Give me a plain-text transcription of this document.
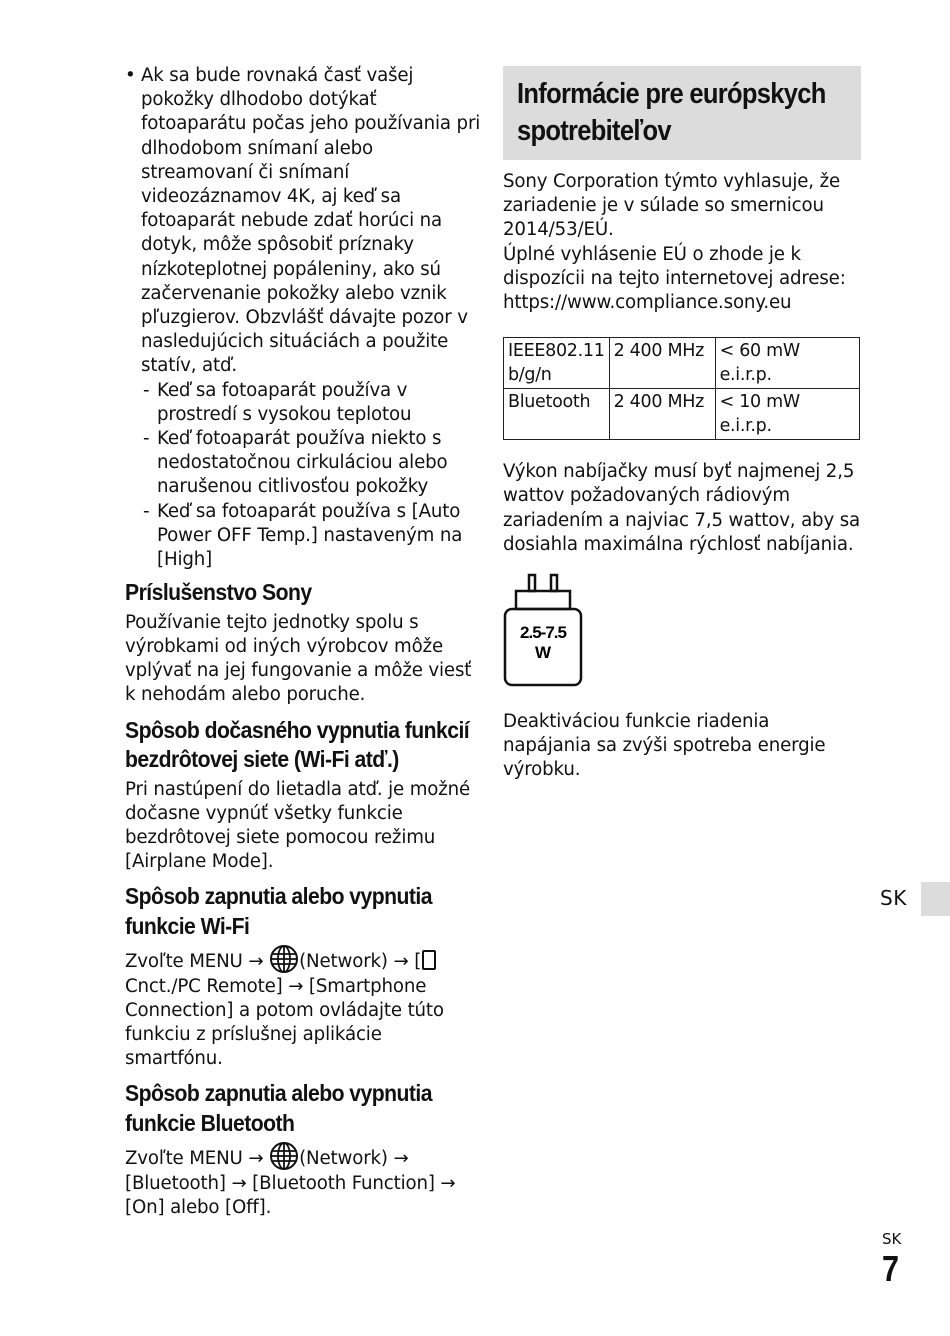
• Ak sa bude rovnaká časť vašej pokožky dlhodobo dotýkať fotoaparátu počas jeho používania pri dlhodobom snímaní alebo streamovaní či snímaní videozáznamov 4K, aj keď sa fotoaparát nebude zdať horúci na dotyk, môže spôsobiť príznaky nízkoteplotnej popáleniny, ako sú začervenanie pokožky alebo vznik pľuzgierov. Obzvlášť dávajte pozor v nasledujúcich situáciách a použite statív, atď.

- Keď sa fotoaparát používa v prostredí s vysokou teplotou
- Keď fotoaparát používa niekto s nedostatočnou cirkuláciou alebo narušenou citlivosťou pokožky
- Keď sa fotoaparát používa s [Auto Power OFF Temp.] nastaveným na [High]
Príslušenstvo Sony

Používanie tejto jednotky spolu s výrobkami od iných výrobcov môže vplývať na jej fungovanie a môže viesť k nehodám alebo poruche.

Spôsob dočasného vypnutia funkcií bezdrôtovej siete (Wi-Fi atď.)

Pri nastúpení do lietadla atď. je možné dočasne vypnúť všetky funkcie bezdrôtovej siete pomocou režimu [Airplane Mode].

Spôsob zapnutia alebo vypnutia funkcie Wi-Fi

Zvoľte MENU → (Network) → [Cnct./PC Remote] → [Smartphone Connection] a potom ovládajte túto funkciu z príslušnej aplikácie smartfónu.

Spôsob zapnutia alebo vypnutia funkcie Bluetooth

Zvoľte MENU → (Network) → [Bluetooth] → [Bluetooth Function] → [On] alebo [Off].

Informácie pre európskych spotrebiteľov

Sony Corporation týmto vyhlasuje, že zariadenie je v súlade so smernicou 2014/53/EÚ.

Úplné vyhlásenie EÚ o zhode je k dispozícii na tejto internetovej adrese: https://www.compliance.sony.eu

IEEE802.11 b/g/n	2 400 MHz	< 60 mW e.i.r.p.
Bluetooth	2 400 MHz	< 10 mW e.i.r.p.

Výkon nabíjačky musí byť najmenej 2,5 wattov požadovaných rádiovým zariadením a najviac 7,5 wattov, aby sa dosiahla maximálna rýchlosť nabíjania.

2.5-7.5
W

Deaktiváciou funkcie riadenia napájania sa zvýši spotreba energie výrobku.

SK
SK
7
